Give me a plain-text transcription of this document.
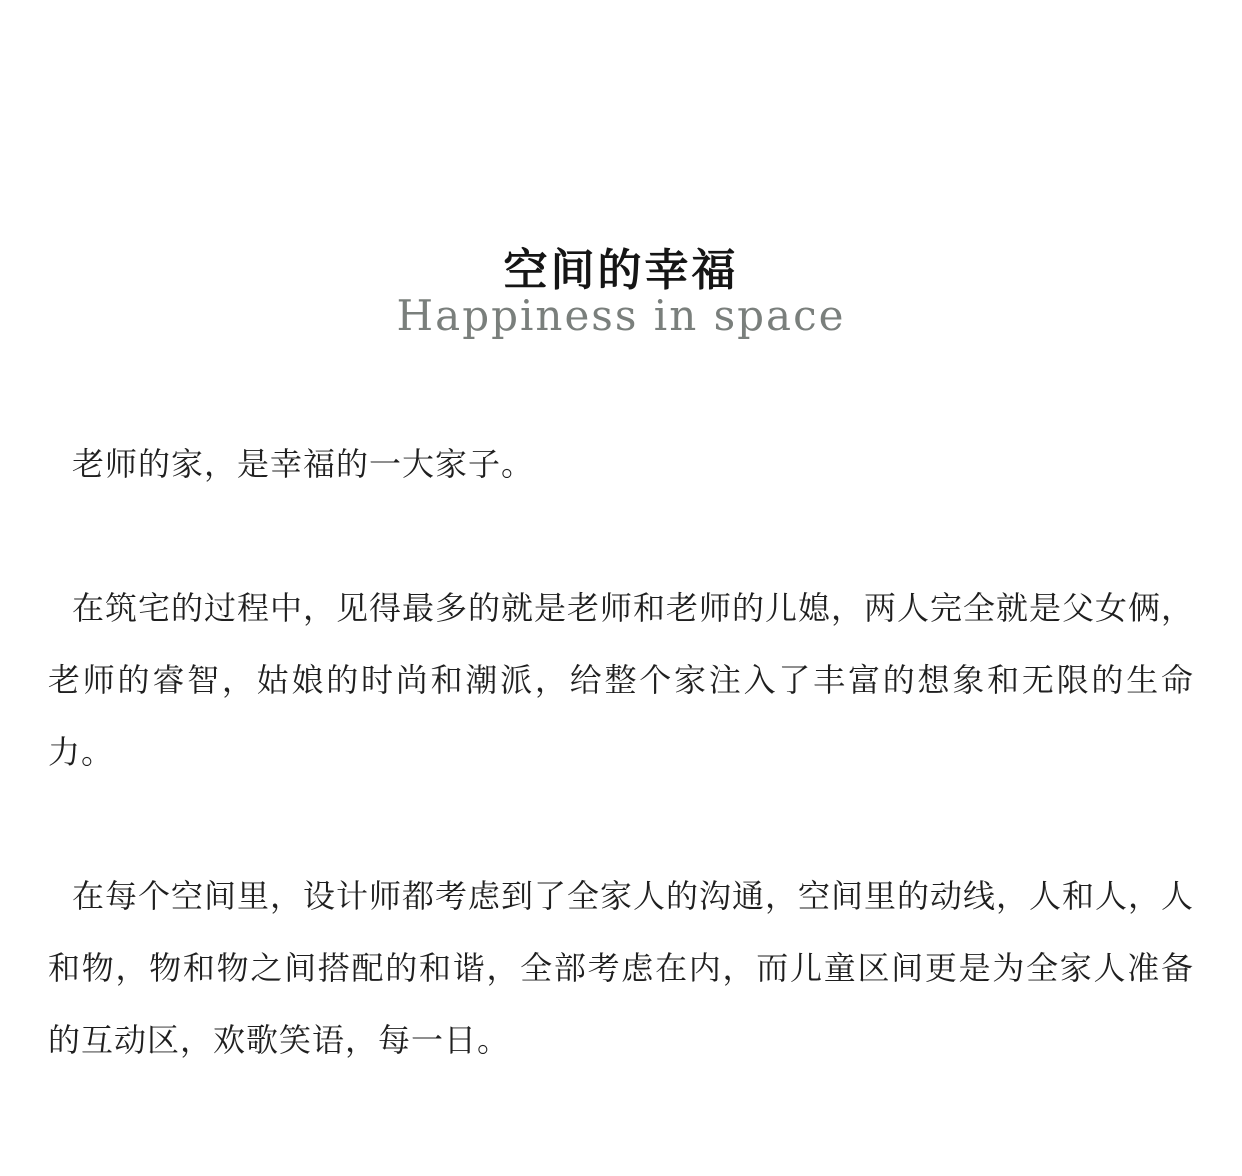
空间的幸福
Happiness in space

老师的家，是幸福的一大家子。

在筑宅的过程中，见得最多的就是老师和老师的儿媳，两人完全就是父女俩，老师的睿智，姑娘的时尚和潮派，给整个家注入了丰富的想象和无限的生命力。

在每个空间里，设计师都考虑到了全家人的沟通，空间里的动线，人和人，人和物，物和物之间搭配的和谐，全部考虑在内，而儿童区间更是为全家人准备的互动区，欢歌笑语，每一日。
